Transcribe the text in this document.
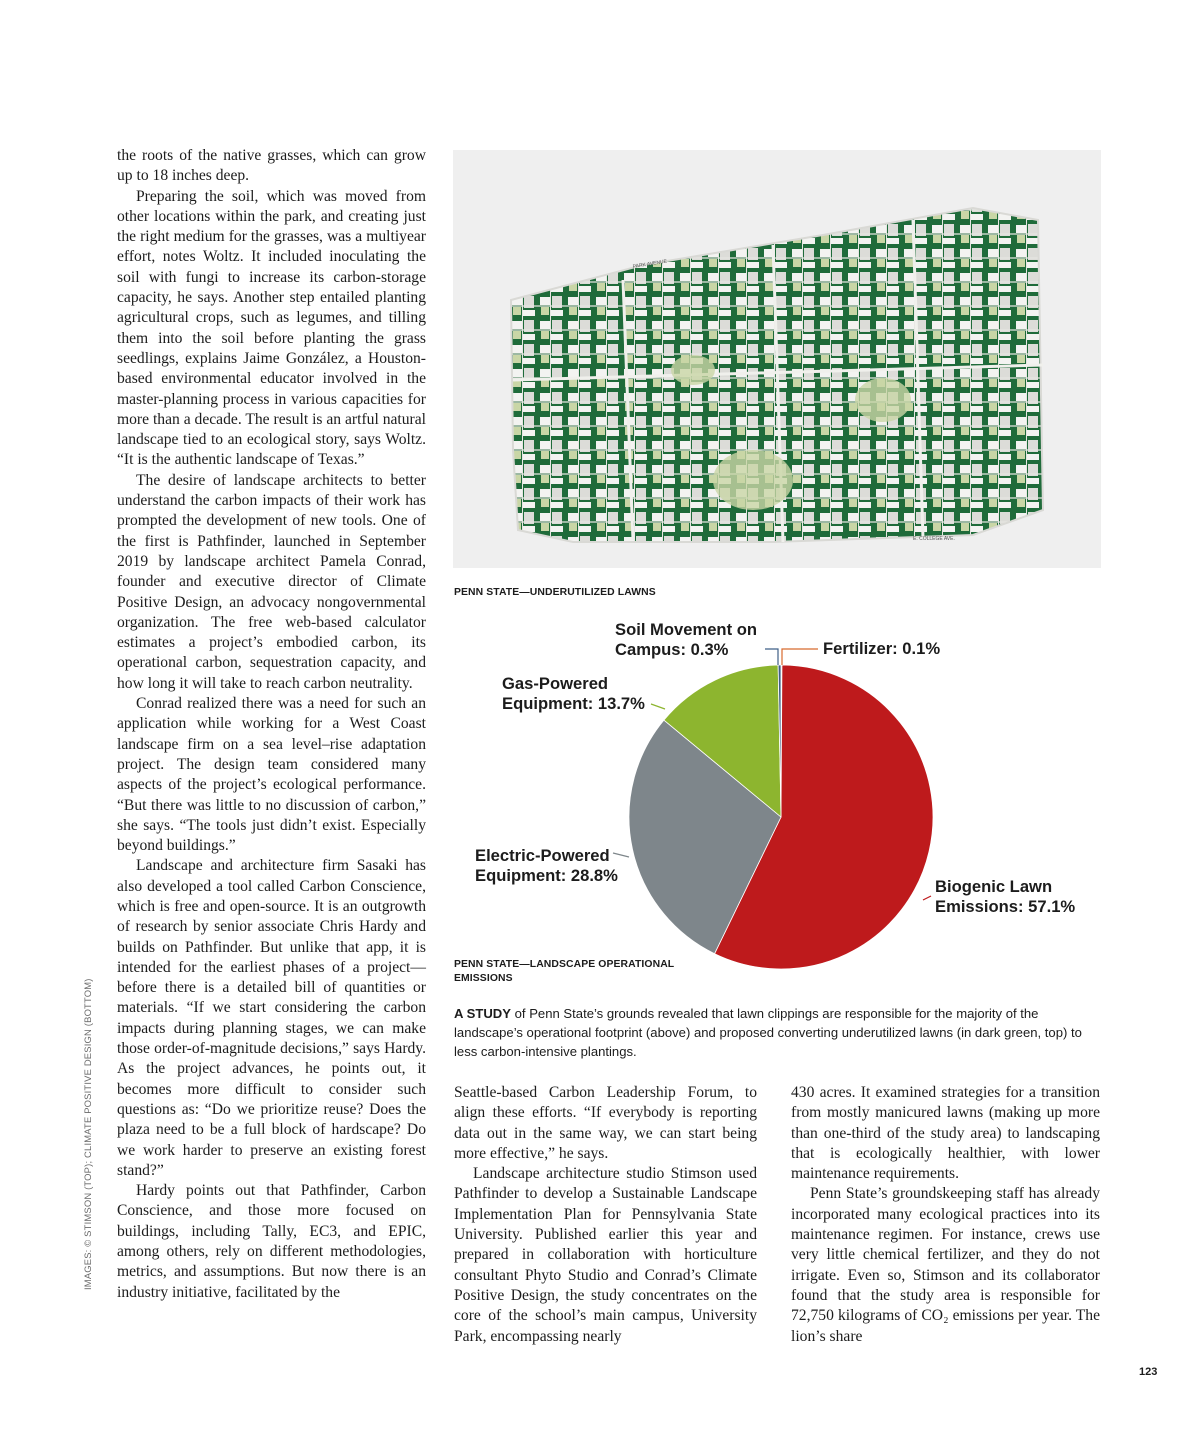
the roots of the native grasses, which can grow up to 18 inches deep.

Preparing the soil, which was moved from other locations within the park, and creating just the right medium for the grasses, was a multiyear effort, notes Woltz. It included inoculating the soil with fungi to increase its carbon-storage capacity, he says. Another step entailed planting agricultural crops, such as legumes, and tilling them into the soil before planting the grass seedlings, explains Jaime González, a Houston-based environmental educator involved in the master-planning process in various capacities for more than a decade. The result is an artful natural landscape tied to an ecological story, says Woltz. “It is the authentic landscape of Texas.”

The desire of landscape architects to better understand the carbon impacts of their work has prompted the development of new tools. One of the first is Pathfinder, launched in September 2019 by landscape architect Pamela Conrad, founder and executive director of Climate Positive Design, an advocacy nongovernmental organization. The free web-based calculator estimates a project’s embodied carbon, its operational carbon, sequestration capacity, and how long it will take to reach carbon neutrality.

Conrad realized there was a need for such an application while working for a West Coast landscape firm on a sea level–rise adaptation project. The design team considered many aspects of the project’s ecological performance. “But there was little to no discussion of carbon,” she says. “The tools just didn’t exist. Especially beyond buildings.”

Landscape and architecture firm Sasaki has also developed a tool called Carbon Conscience, which is free and open-source. It is an outgrowth of research by senior associate Chris Hardy and builds on Pathfinder. But unlike that app, it is intended for the earliest phases of a project—before there is a detailed bill of quantities or materials. “If we start considering the carbon impacts during planning stages, we can make those order-of-magnitude decisions,” says Hardy. As the project advances, he points out, it becomes more difficult to consider such questions as: “Do we prioritize reuse? Does the plaza need to be a full block of hardscape? Do we work harder to preserve an existing forest stand?”

Hardy points out that Pathfinder, Carbon Conscience, and those more focused on buildings, including Tally, EC3, and EPIC, among others, rely on different methodologies, metrics, and assumptions. But now there is an industry initiative, facilitated by the

IMAGES: © STIMSON (TOP); CLIMATE POSITIVE DESIGN (BOTTOM)
PARK AVENUE
E. COLLEGE AVE.
PENN STATE—UNDERUTILIZED LAWNS
Biogenic Lawn Emissions: 57.1%
Electric-Powered Equipment: 28.8%
Gas-Powered Equipment: 13.7%
Soil Movement on Campus: 0.3%	Fertilizer: 0.1%
PENN STATE—LANDSCAPE OPERATIONAL EMISSIONS
A STUDY of Penn State’s grounds revealed that lawn clippings are responsible for the majority of the landscape’s operational footprint (above) and proposed converting underutilized lawns (in dark green, top) to less carbon-intensive plantings.

Seattle-based Carbon Leadership Forum, to align these efforts. “If everybody is reporting data out in the same way, we can start being more effective,” he says.

Landscape architecture studio Stimson used Pathfinder to develop a Sustainable Landscape Implementation Plan for Pennsylvania State University. Published earlier this year and prepared in collaboration with horticulture consultant Phyto Studio and Conrad’s Climate Positive Design, the study concentrates on the core of the school’s main campus, University Park, encompassing nearly

430 acres. It examined strategies for a transition from mostly manicured lawns (making up more than one-third of the study area) to landscaping that is ecologically healthier, with lower maintenance requirements.

Penn State’s groundskeeping staff has already incorporated many ecological practices into its maintenance regimen. For instance, crews use very little chemical fertilizer, and they do not irrigate. Even so, Stimson and its collaborator found that the study area is responsible for 72,750 kilograms of CO₂ emissions per year. The lion’s share

123
